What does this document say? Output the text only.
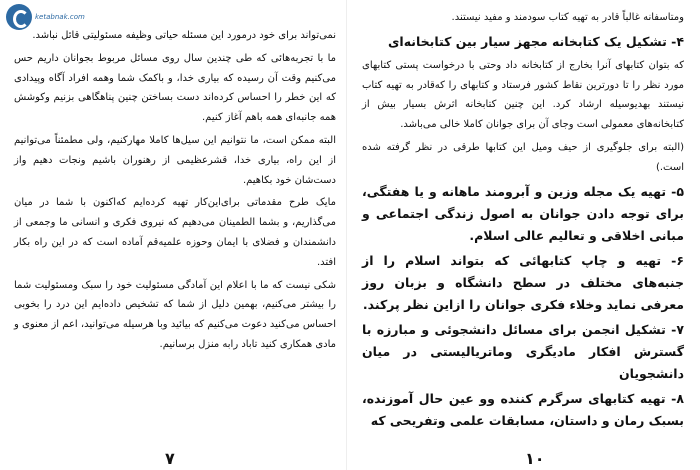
ketabnak.com

نمی‌تواند برای خود درمورد این مسئله حیاتی وظیفه مسئولیتی قائل نباشد.

ما با تجربه‌هائی که طی چندین سال روی مسائل مربوط بجوانان داریم حس می‌کنیم وقت آن رسیده که بیاری خدا، و باکمک شما وهمه افراد آگاه وپیدادی که این خطر را احساس کرده‌اند دست بساختن چنین پناهگاهی بزنیم وکوشش همه جانبه‌ای همه باهم آغاز کنیم.

البته ممکن است، ما نتوانیم این سیل‌ها کاملا مهارکنیم، ولی مطمئناً می‌توانیم از این راه، بیاری خدا، قشرعظیمی از رهنوران باشیم ونجات دهیم واز دست‌شان خود بکاهیم.

مایک طرح مقدماتی برای‌این‌کار تهیه کرده‌ایم که‌اکنون با شما در میان می‌گذاریم، و بشما الطمینان می‌دهیم که نیروی فکری و انسانی ما وجمعی از دانشمندان و فضلای با ایمان وحوزه علمیه‌قم آماده است که در این راه بکار افتد.

شکی نیست که ما با اعلام این آمادگی مسئولیت خود را سبک ومسئولیت شما را بیشتر می‌کنیم، بهمین دلیل از شما که تشخیص داده‌ایم این درد را بخوبی احساس می‌کنید دعوت می‌کنیم که بیائید وبا هرسیله می‌توانید، اعم از معنوی و مادی همکاری کنید تاباد رابه منزل برسانیم.

۷

ومتاسفانه غالباً قادر به تهیه کتاب سودمند و مفید نیستند.

۴- تشکیل یک کتابخانه مجهز سیار بین کتابخانه‌ای

که بتوان کتابهای آنرا بخارج از کتابخانه داد وحتی با درخواست پستی کتابهای مورد نظر را تا دورترین نقاط کشور فرستاد و کتابهای را که‌قادر به تهیه کتاب نیستند بهدیوسیله ارشاد کرد. این چنین کتابخانه اثرش بسیار بیش از کتابخانه‌های معمولی است وجای آن برای جوانان کاملا خالی می‌باشد.

(البته برای جلوگیری از حیف ومیل این کتابها طرقی در نظر گرفته شده است.)

۵- تهیه یک مجله وزین و آبرومند ماهانه و یا هفتگی، برای توجه دادن جوانان به اصول زندگی اجتماعی و مبانی اخلاقی و تعالیم عالی اسلام.

۶- تهیه و چاپ کتابهائی که بتواند اسلام را از جنبه‌های مختلف در سطح دانشگاه و بزبان روز معرفی نماید وخلاء فکری جوانان را ازاین نظر پرکند.

۷- تشکیل انجمن برای مسائل دانشجوئی و مبارزه با گسترش افکار مادیگری وماتریالیستی در میان دانشجویان

۸- تهیه کتابهای سرگرم کننده وو عین حال آموزنده، بسبک رمان و داستان، مسابقات علمی وتفریحی که

۱۰
